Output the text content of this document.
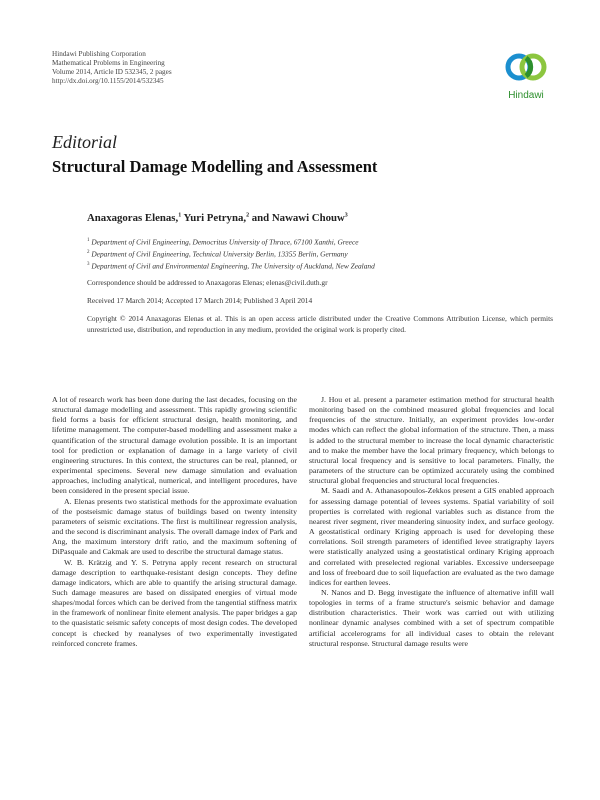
Hindawi Publishing Corporation
Mathematical Problems in Engineering
Volume 2014, Article ID 532345, 2 pages
http://dx.doi.org/10.1155/2014/532345
Hindawi
Editorial
Structural Damage Modelling and Assessment
Anaxagoras Elenas,$^1$ Yuri Petryna,$^2$ and Nawawi Chouw$^3$
$^1$ Department of Civil Engineering, Democritus University of Thrace, 67100 Xanthi, Greece
$^2$ Department of Civil Engineering, Technical University Berlin, 13355 Berlin, Germany
$^3$ Department of Civil and Environmental Engineering, The University of Auckland, New Zealand
Correspondence should be addressed to Anaxagoras Elenas; elenas@civil.duth.gr
Received 17 March 2014; Accepted 17 March 2014; Published 3 April 2014
Copyright © 2014 Anaxagoras Elenas et al. This is an open access article distributed under the Creative Commons Attribution License, which permits unrestricted use, distribution, and reproduction in any medium, provided the original work is properly cited.

A lot of research work has been done during the last decades, focusing on the structural damage modelling and assessment. This rapidly growing scientific field forms a basis for efficient structural design, health monitoring, and lifetime management. The computer-based modelling and assessment make a quantification of the structural damage evolution possible. It is an important tool for prediction or explanation of damage in a large variety of civil engineering structures. In this context, the structures can be real, planned, or experimental specimens. Several new damage simulation and evaluation approaches, including analytical, numerical, and intelligent procedures, have been considered in the present special issue.

A. Elenas presents two statistical methods for the approximate evaluation of the postseismic damage status of buildings based on twenty intensity parameters of seismic excitations. The first is multilinear regression analysis, and the second is discriminant analysis. The overall damage index of Park and Ang, the maximum interstory drift ratio, and the maximum softening of DiPasquale and Cakmak are used to describe the structural damage status.

W. B. Krätzig and Y. S. Petryna apply recent research on structural damage description to earthquake-resistant design concepts. They define damage indicators, which are able to quantify the arising structural damage. Such damage measures are based on dissipated energies of virtual mode shapes/modal forces which can be derived from the tangential stiffness matrix in the framework of nonlinear finite element analysis. The paper bridges a gap to the quasistatic seismic safety concepts of most design codes. The developed concept is checked by reanalyses of two experimentally investigated reinforced concrete frames.

J. Hou et al. present a parameter estimation method for structural health monitoring based on the combined measured global frequencies and local frequencies of the structure. Initially, an experiment provides low-order modes which can reflect the global information of the structure. Then, a mass is added to the structural member to increase the local dynamic characteristic and to make the member have the local primary frequency, which belongs to structural local frequency and is sensitive to local parameters. Finally, the parameters of the structure can be optimized accurately using the combined structural global frequencies and structural local frequencies.

M. Saadi and A. Athanasopoulos-Zekkos present a GIS enabled approach for assessing damage potential of levees systems. Spatial variability of soil properties is correlated with regional variables such as distance from the nearest river segment, river meandering sinuosity index, and surface geology. A geostatistical ordinary Kriging approach is used for developing these correlations. Soil strength parameters of identified levee stratigraphy layers were statistically analyzed using a geostatistical ordinary Kriging approach and correlated with preselected regional variables. Excessive underseepage and loss of freeboard due to soil liquefaction are evaluated as the two damage indices for earthen levees.

N. Nanos and D. Begg investigate the influence of alternative infill wall topologies in terms of a frame structure's seismic behavior and damage distribution characteristics. Their work was carried out with utilizing nonlinear dynamic analyses combined with a set of spectrum compatible artificial accelerograms for all individual cases to obtain the relevant structural response. Structural damage results were
